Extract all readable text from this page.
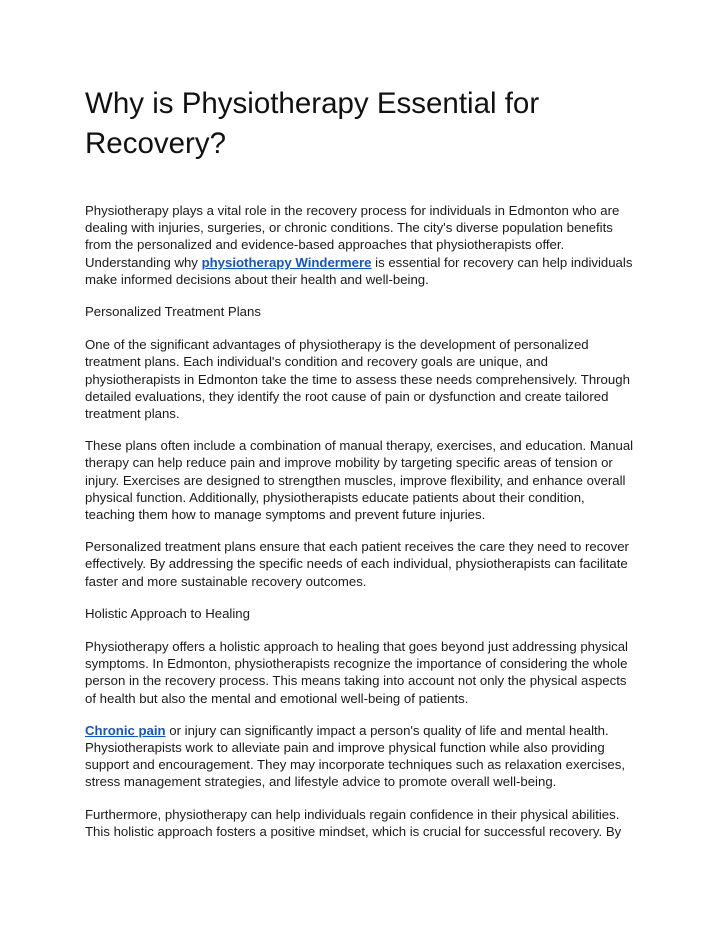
Why is Physiotherapy Essential for Recovery?

Physiotherapy plays a vital role in the recovery process for individuals in Edmonton who are dealing with injuries, surgeries, or chronic conditions. The city's diverse population benefits from the personalized and evidence-based approaches that physiotherapists offer. Understanding why physiotherapy Windermere is essential for recovery can help individuals make informed decisions about their health and well-being.

Personalized Treatment Plans

One of the significant advantages of physiotherapy is the development of personalized treatment plans. Each individual's condition and recovery goals are unique, and physiotherapists in Edmonton take the time to assess these needs comprehensively. Through detailed evaluations, they identify the root cause of pain or dysfunction and create tailored treatment plans.

These plans often include a combination of manual therapy, exercises, and education. Manual therapy can help reduce pain and improve mobility by targeting specific areas of tension or injury. Exercises are designed to strengthen muscles, improve flexibility, and enhance overall physical function. Additionally, physiotherapists educate patients about their condition, teaching them how to manage symptoms and prevent future injuries.

Personalized treatment plans ensure that each patient receives the care they need to recover effectively. By addressing the specific needs of each individual, physiotherapists can facilitate faster and more sustainable recovery outcomes.

Holistic Approach to Healing

Physiotherapy offers a holistic approach to healing that goes beyond just addressing physical symptoms. In Edmonton, physiotherapists recognize the importance of considering the whole person in the recovery process. This means taking into account not only the physical aspects of health but also the mental and emotional well-being of patients.

Chronic pain or injury can significantly impact a person's quality of life and mental health. Physiotherapists work to alleviate pain and improve physical function while also providing support and encouragement. They may incorporate techniques such as relaxation exercises, stress management strategies, and lifestyle advice to promote overall well-being.

Furthermore, physiotherapy can help individuals regain confidence in their physical abilities. This holistic approach fosters a positive mindset, which is crucial for successful recovery. By
